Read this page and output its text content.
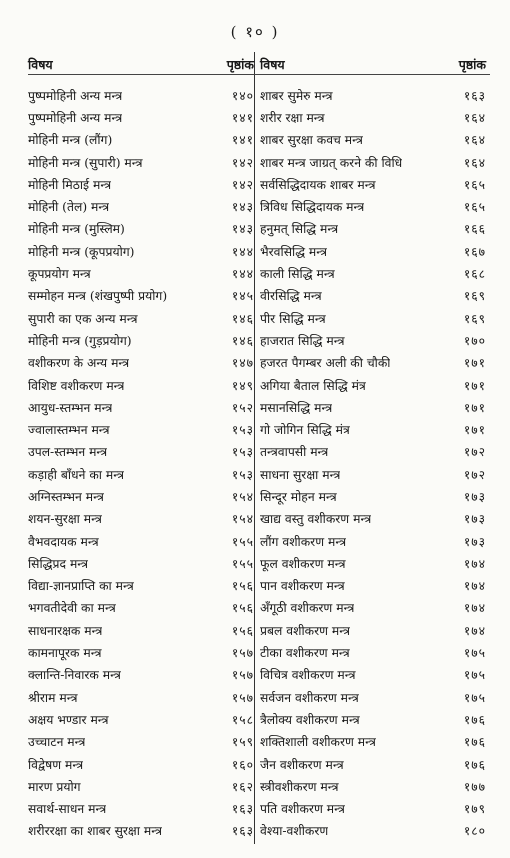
( १० )
विषय	पृष्ठांक
पुष्पमोहिनी अन्य मन्त्र	१४०
पुष्पमोहिनी अन्य मन्त्र	१४१
मोहिनी मन्त्र (लौंग)	१४१
मोहिनी मन्त्र (सुपारी) मन्त्र	१४२
मोहिनी मिठाई मन्त्र	१४२
मोहिनी (तेल) मन्त्र	१४३
मोहिनी मन्त्र (मुस्लिम)	१४३
मोहिनी मन्त्र (कूपप्रयोग)	१४४
कूपप्रयोग मन्त्र	१४४
सम्मोहन मन्त्र (शंखपुष्पी प्रयोग)	१४५
सुपारी का एक अन्य मन्त्र	१४६
मोहिनी मन्त्र (गुड़प्रयोग)	१४६
वशीकरण के अन्य मन्त्र	१४७
विशिष्ट वशीकरण मन्त्र	१४९
आयुध-स्तम्भन मन्त्र	१५२
ज्वालास्तम्भन मन्त्र	१५३
उपल-स्तम्भन मन्त्र	१५३
कड़ाही बाँधने का मन्त्र	१५३
अग्निस्तम्भन मन्त्र	१५४
शयन-सुरक्षा मन्त्र	१५४
वैभवदायक मन्त्र	१५५
सिद्धिप्रद मन्त्र	१५५
विद्या-ज्ञानप्राप्ति का मन्त्र	१५६
भगवतीदेवी का मन्त्र	१५६
साधनारक्षक मन्त्र	१५६
कामनापूरक मन्त्र	१५७
क्लान्ति-निवारक मन्त्र	१५७
श्रीराम मन्त्र	१५७
अक्षय भण्डार मन्त्र	१५८
उच्चाटन मन्त्र	१५९
विद्वेषण मन्त्र	१६०
मारण प्रयोग	१६२
सवार्थ-साधन मन्त्र	१६३
शरीररक्षा का शाबर सुरक्षा मन्त्र	१६३
विषय	पृष्ठांक
शाबर सुमेरु मन्त्र	१६३
शरीर रक्षा मन्त्र	१६४
शाबर सुरक्षा कवच मन्त्र	१६४
शाबर मन्त्र जाग्रत् करने की विधि	१६४
सर्वसिद्धिदायक शाबर मन्त्र	१६५
त्रिविध सिद्धिदायक मन्त्र	१६५
हनुमत् सिद्धि मन्त्र	१६६
भैरवसिद्धि मन्त्र	१६७
काली सिद्धि मन्त्र	१६८
वीरसिद्धि मन्त्र	१६९
पीर सिद्धि मन्त्र	१६९
हाजरात सिद्धि मन्त्र	१७०
हजरत पैगम्बर अली की चौकी	१७१
अगिया बैताल सिद्धि मंत्र	१७१
मसानसिद्धि मन्त्र	१७१
गो जोगिन सिद्धि मंत्र	१७१
तन्त्रवापसी मन्त्र	१७२
साधना सुरक्षा मन्त्र	१७२
सिन्दूर मोहन मन्त्र	१७३
खाद्य वस्तु वशीकरण मन्त्र	१७३
लौंग वशीकरण मन्त्र	१७३
फूल वशीकरण मन्त्र	१७४
पान वशीकरण मन्त्र	१७४
अँगूठी वशीकरण मन्त्र	१७४
प्रबल वशीकरण मन्त्र	१७४
टीका वशीकरण मन्त्र	१७५
विचित्र वशीकरण मन्त्र	१७५
सर्वजन वशीकरण मन्त्र	१७५
त्रैलोक्य वशीकरण मन्त्र	१७६
शक्तिशाली वशीकरण मन्त्र	१७६
जैन वशीकरण मन्त्र	१७६
स्त्रीवशीकरण मन्त्र	१७७
पति वशीकरण मन्त्र	१७९
वेश्या-वशीकरण	१८०
